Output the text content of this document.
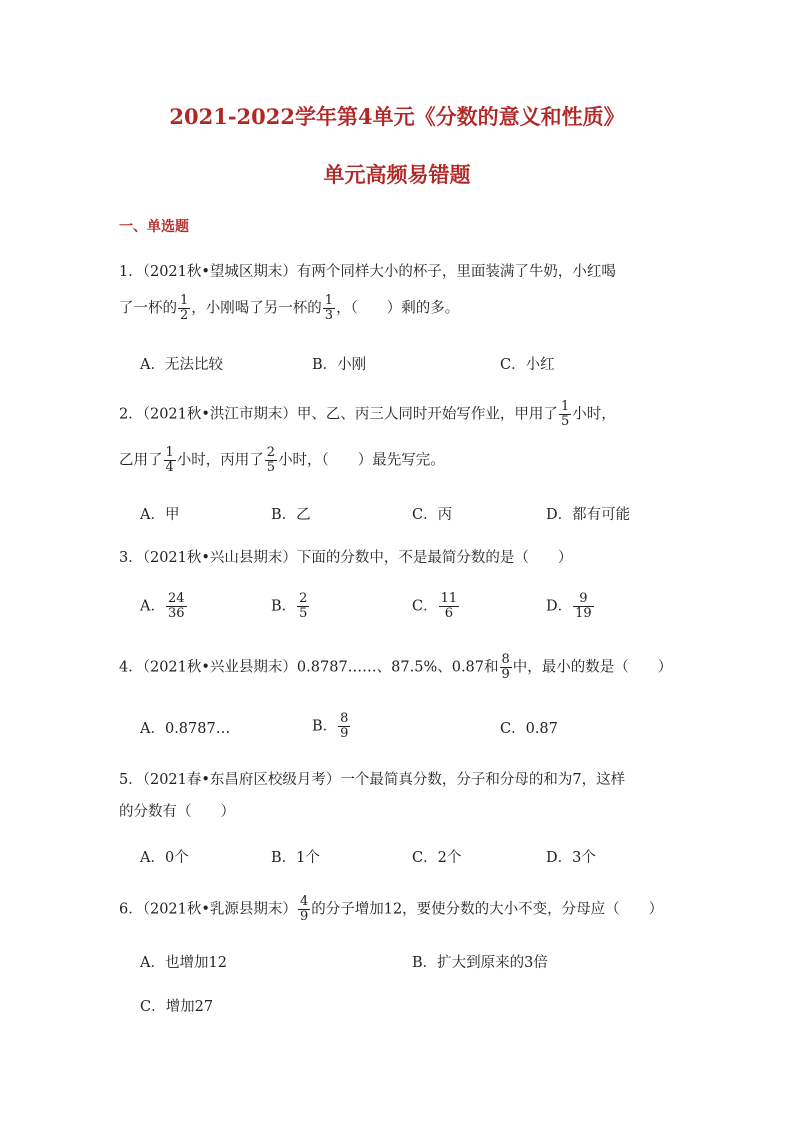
2021-2022学年第4单元《分数的意义和性质》
单元高频易错题
一、单选题
1．（2021秋•望城区期末）有两个同样大小的杯子，里面装满了牛奶，小红喝
了一杯的 $\frac{1}{2}$ ，小刚喝了另一杯的 $\frac{1}{3}$ ，（　　）剩的多。
A．无法比较	B．小刚	C．小红
2．（2021秋•洪江市期末）甲、乙、丙三人同时开始写作业，甲用了 $\frac{1}{5}$ 小时，
乙用了 $\frac{1}{4}$ 小时，丙用了 $\frac{2}{5}$ 小时，（　　）最先写完。
A．甲	B．乙	C．丙	D．都有可能
3．（2021秋•兴山县期末）下面的分数中，不是最简分数的是（　　）
A． $\frac{24}{36}$	B． $\frac{2}{5}$	C． $\frac{11}{6}$	D． $\frac{9}{19}$
4．（2021秋•兴业县期末）0.8787……、87.5%、0.87和 $\frac{8}{9}$ 中，最小的数是（　　）
A．0.8787…	B． $\frac{8}{9}$	C．0.87
5．（2021春•东昌府区校级月考）一个最简真分数，分子和分母的和为7，这样
的分数有（　　）
A．0个	B．1个	C．2个	D．3个
6．（2021秋•乳源县期末） $\frac{4}{9}$ 的分子增加12，要使分数的大小不变，分母应（　　）
A．也增加12	B．扩大到原来的3倍
C．增加27
